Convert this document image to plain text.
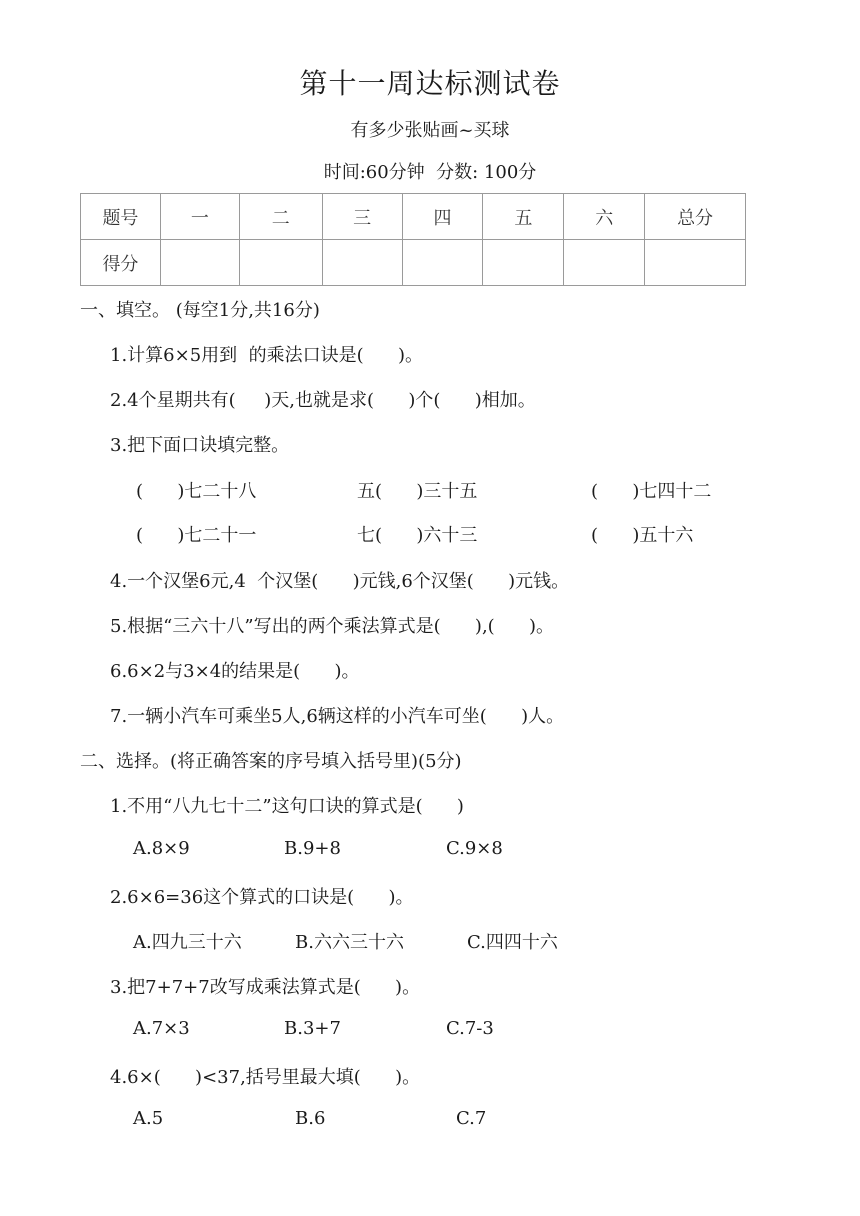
第十一周达标测试卷
有多少张贴画~买球
时间:60分钟  分数: 100分
题号	一	二	三	四	五	六	总分
得分							
一、填空。 (每空1分,共16分)
1.计算6×5用到  的乘法口诀是(      )。
2.4个星期共有(     )天,也就是求(      )个(      )相加。
3.把下面口诀填完整。
(      )七二十八	五(      )三十五	(      )七四十二
(      )七二十一	七(      )六十三	(      )五十六
4.一个汉堡6元,4  个汉堡(      )元钱,6个汉堡(      )元钱。
5.根据“三六十八”写出的两个乘法算式是(      ),(      )。
6.6×2与3×4的结果是(      )。
7.一辆小汽车可乘坐5人,6辆这样的小汽车可坐(      )人。
二、选择。(将正确答案的序号填入括号里)(5分)
1.不用“八九七十二”这句口诀的算式是(      )
A.8×9	B.9+8	C.9×8
2.6×6=36这个算式的口诀是(      )。
A.四九三十六	B.六六三十六	C.四四十六
3.把7+7+7改写成乘法算式是(      )。
A.7×3	B.3+7	C.7-3
4.6×(      )<37,括号里最大填(      )。
A.5	B.6	C.7
